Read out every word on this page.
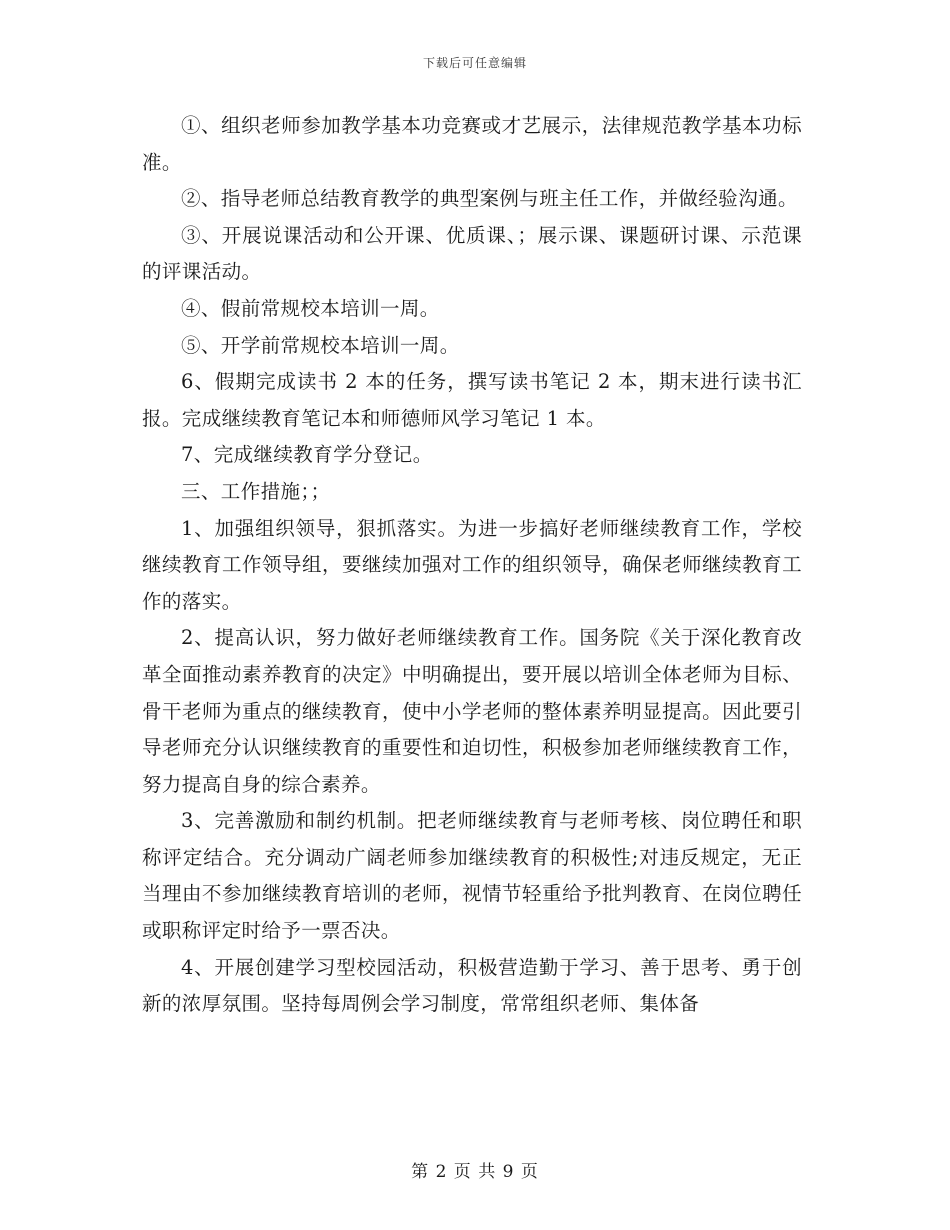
下载后可任意编辑

①、组织老师参加教学基本功竞赛或才艺展示，法律规范教学基本功标准。

②、指导老师总结教育教学的典型案例与班主任工作，并做经验沟通。

③、开展说课活动和公开课、优质课、；展示课、课题研讨课、示范课的评课活动。

④、假前常规校本培训一周。

⑤、开学前常规校本培训一周。

6、假期完成读书 2 本的任务，撰写读书笔记 2 本，期末进行读书汇报。完成继续教育笔记本和师德师风学习笔记 1 本。

7、完成继续教育学分登记。

三、工作措施；；

1、加强组织领导，狠抓落实。为进一步搞好老师继续教育工作，学校继续教育工作领导组，要继续加强对工作的组织领导，确保老师继续教育工作的落实。

2、提高认识，努力做好老师继续教育工作。国务院《关于深化教育改革全面推动素养教育的决定》中明确提出，要开展以培训全体老师为目标、骨干老师为重点的继续教育，使中小学老师的整体素养明显提高。因此要引导老师充分认识继续教育的重要性和迫切性，积极参加老师继续教育工作，努力提高自身的综合素养。

3、完善激励和制约机制。把老师继续教育与老师考核、岗位聘任和职称评定结合。充分调动广阔老师参加继续教育的积极性;对违反规定，无正当理由不参加继续教育培训的老师，视情节轻重给予批判教育、在岗位聘任或职称评定时给予一票否决。

4、开展创建学习型校园活动，积极营造勤于学习、善于思考、勇于创新的浓厚氛围。坚持每周例会学习制度，常常组织老师、集体备

第 2 页 共 9 页
